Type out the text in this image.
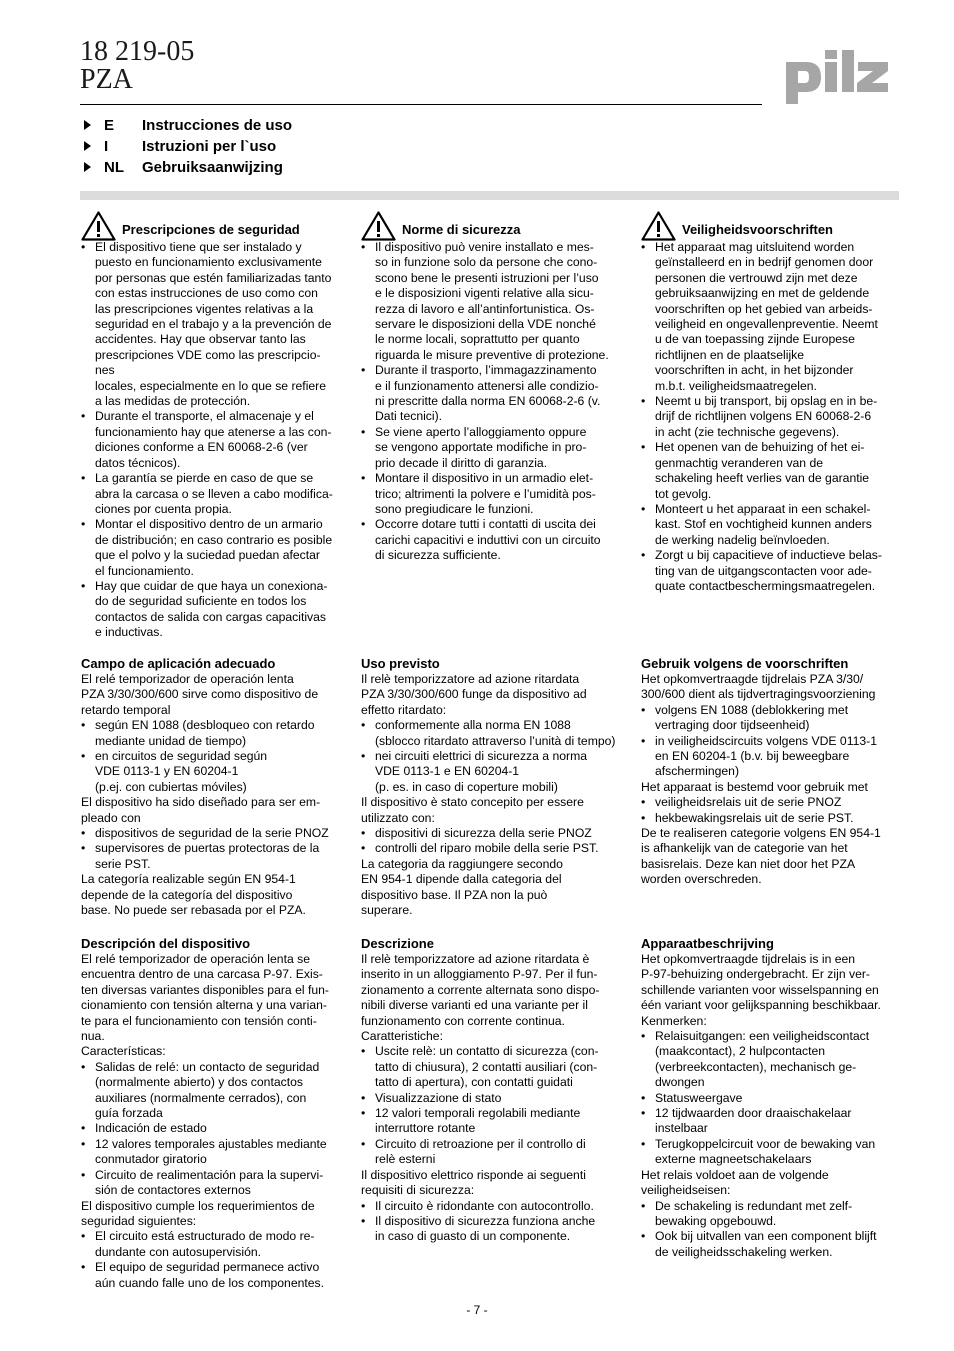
18 219-05
PZA
E Instrucciones de uso
I Istruzioni per l`uso
NL Gebruiksaanwijzing
Prescripciones de seguridad
• El dispositivo tiene que ser instalado y
puesto en funcionamiento exclusivamente
por personas que estén familiarizadas tanto
con estas instrucciones de uso como con
las prescripciones vigentes relativas a la
seguridad en el trabajo y a la prevención de
accidentes. Hay que observar tanto las
prescripciones VDE como las prescripcio-
nes
locales, especialmente en lo que se refiere
a las medidas de protección.
• Durante el transporte, el almacenaje y el
funcionamiento hay que atenerse a las con-
diciones conforme a EN 60068-2-6 (ver
datos técnicos).
• La garantía se pierde en caso de que se
abra la carcasa o se lleven a cabo modifica-
ciones por cuenta propia.
• Montar el dispositivo dentro de un armario
de distribución; en caso contrario es posible
que el polvo y la suciedad puedan afectar
el funcionamiento.
• Hay que cuidar de que haya un conexiona-
do de seguridad suficiente en todos los
contactos de salida con cargas capacitivas
e inductivas.
Campo de aplicación adecuado

El relé temporizador de operación lenta
PZA 3/30/300/600 sirve como dispositivo de
retardo temporal

• según EN 1088 (desbloqueo con retardo
mediante unidad de tiempo)
• en circuitos de seguridad según
VDE 0113-1 y EN 60204-1
(p.ej. con cubiertas móviles)

El dispositivo ha sido diseñado para ser em-
pleado con

• dispositivos de seguridad de la serie PNOZ
• supervisores de puertas protectoras de la
serie PST.

La categoría realizable según EN 954-1
depende de la categoría del dispositivo
base. No puede ser rebasada por el PZA.

Descripción del dispositivo

El relé temporizador de operación lenta se
encuentra dentro de una carcasa P-97. Exis-
ten diversas variantes disponibles para el fun-
cionamiento con tensión alterna y una varian-
te para el funcionamiento con tensión conti-
nua.
Características:

• Salidas de relé: un contacto de seguridad
(normalmente abierto) y dos contactos
auxiliares (normalmente cerrados), con
guía forzada
• Indicación de estado
• 12 valores temporales ajustables mediante
conmutador giratorio
• Circuito de realimentación para la supervi-
sión de contactores externos

El dispositivo cumple los requerimientos de
seguridad siguientes:

• El circuito está estructurado de modo re-
dundante con autosupervisión.
• El equipo de seguridad permanece activo
aún cuando falle uno de los componentes.
Norme di sicurezza
• Il dispositivo può venire installato e mes-
so in funzione solo da persone che cono-
scono bene le presenti istruzioni per l’uso
e le disposizioni vigenti relative alla sicu-
rezza di lavoro e all’antinfortunistica. Os-
servare le disposizioni della VDE nonché
le norme locali, soprattutto per quanto
riguarda le misure preventive di protezione.
• Durante il trasporto, l’immagazzinamento
e il funzionamento attenersi alle condizio-
ni prescritte dalla norma EN 60068-2-6 (v.
Dati tecnici).
• Se viene aperto l’alloggiamento oppure
se vengono apportate modifiche in pro-
prio decade il diritto di garanzia.
• Montare il dispositivo in un armadio elet-
trico; altrimenti la polvere e l’umidità pos-
sono pregiudicare le funzioni.
• Occorre dotare tutti i contatti di uscita dei
carichi capacitivi e induttivi con un circuito
di sicurezza sufficiente.
Uso previsto

Il relè temporizzatore ad azione ritardata
PZA 3/30/300/600 funge da dispositivo ad
effetto ritardato:

• conformemente alla norma EN 1088
(sblocco ritardato attraverso l’unità di tempo)
• nei circuiti elettrici di sicurezza a norma
VDE 0113-1 e EN 60204-1
(p. es. in caso di coperture mobili)

Il dispositivo è stato concepito per essere
utilizzato con:

• dispositivi di sicurezza della serie PNOZ
• controlli del riparo mobile della serie PST.

La categoria da raggiungere secondo
EN 954-1 dipende dalla categoria del
dispositivo base. Il PZA non la può
superare.

Descrizione

Il relè temporizzatore ad azione ritardata è
inserito in un alloggiamento P-97. Per il fun-
zionamento a corrente alternata sono dispo-
nibili diverse varianti ed una variante per il
funzionamento con corrente continua.
Caratteristiche:

• Uscite relè: un contatto di sicurezza (con-
tatto di chiusura), 2 contatti ausiliari (con-
tatto di apertura), con contatti guidati
• Visualizzazione di stato
• 12 valori temporali regolabili mediante
interruttore rotante
• Circuito di retroazione per il controllo di
relè esterni

Il dispositivo elettrico risponde ai seguenti
requisiti di sicurezza:

• Il circuito è ridondante con autocontrollo.
• Il dispositivo di sicurezza funziona anche
in caso di guasto di un componente.
Veiligheidsvoorschriften
• Het apparaat mag uitsluitend worden
geïnstalleerd en in bedrijf genomen door
personen die vertrouwd zijn met deze
gebruiksaanwijzing en met de geldende
voorschriften op het gebied van arbeids-
veiligheid en ongevallenpreventie. Neemt
u de van toepassing zijnde Europese
richtlijnen en de plaatselijke
voorschriften in acht, in het bijzonder
m.b.t. veiligheidsmaatregelen.
• Neemt u bij transport, bij opslag en in be-
drijf de richtlijnen volgens EN 60068-2-6
in acht (zie technische gegevens).
• Het openen van de behuizing of het ei-
genmachtig veranderen van de
schakeling heeft verlies van de garantie
tot gevolg.
• Monteert u het apparaat in een schakel-
kast. Stof en vochtigheid kunnen anders
de werking nadelig beïnvloeden.
• Zorgt u bij capacitieve of inductieve belas-
ting van de uitgangscontacten voor ade-
quate contactbeschermingsmaatregelen.
Gebruik volgens de voorschriften

Het opkomvertraagde tijdrelais PZA 3/30/
300/600 dient als tijdvertragingsvoorziening

• volgens EN 1088 (deblokkering met
vertraging door tijdseenheid)
• in veiligheidscircuits volgens VDE 0113-1
en EN 60204-1 (b.v. bij beweegbare
afschermingen)

Het apparaat is bestemd voor gebruik met

• veiligheidsrelais uit de serie PNOZ
• hekbewakingsrelais uit de serie PST.

De te realiseren categorie volgens EN 954-1
is afhankelijk van de categorie van het
basisrelais. Deze kan niet door het PZA
worden overschreden.

Apparaatbeschrijving

Het opkomvertraagde tijdrelais is in een
P-97-behuizing ondergebracht. Er zijn ver-
schillende varianten voor wisselspanning en
één variant voor gelijkspanning beschikbaar.
Kenmerken:

• Relaisuitgangen: een veiligheidscontact
(maakcontact), 2 hulpcontacten
(verbreekcontacten), mechanisch ge-
dwongen
• Statusweergave
• 12 tijdwaarden door draaischakelaar
instelbaar
• Terugkoppelcircuit voor de bewaking van
externe magneetschakelaars

Het relais voldoet aan de volgende
veiligheidseisen:

• De schakeling is redundant met zelf-
bewaking opgebouwd.
• Ook bij uitvallen van een component blijft
de veiligheidsschakeling werken.
- 7 -
